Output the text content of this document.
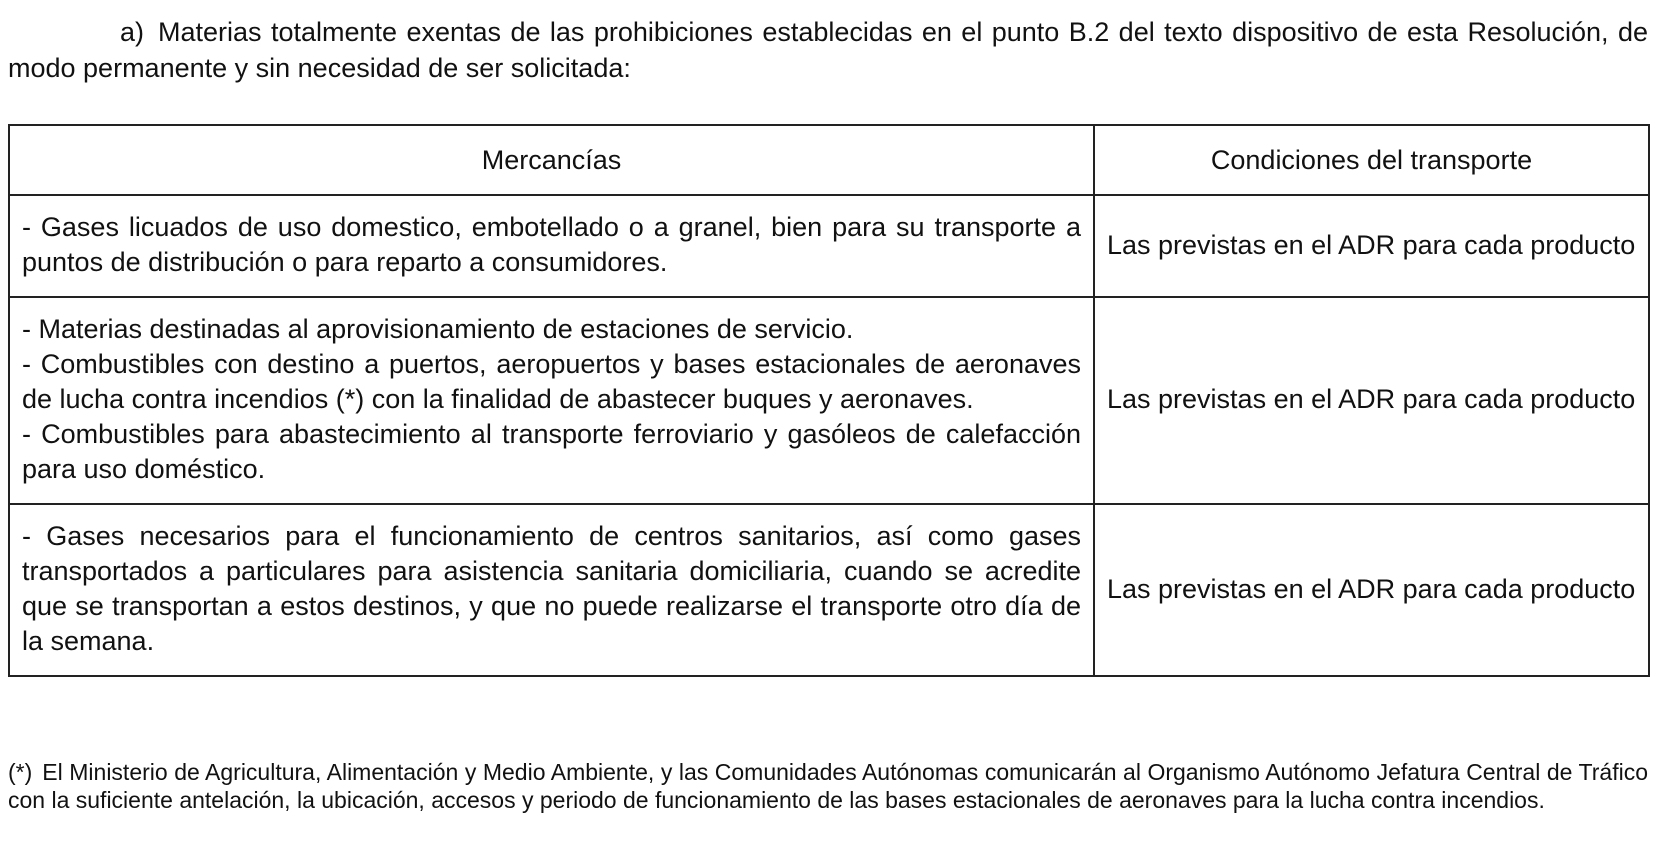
a) Materias totalmente exentas de las prohibiciones establecidas en el punto B.2 del texto dispositivo de esta Resolución, de modo permanente y sin necesidad de ser solicitada:

Mercancías	Condiciones del transporte

- Gases licuados de uso domestico, embotellado o a granel, bien para su transporte a puntos de distribución o para reparto a consumidores.	Las previstas en el ADR para cada producto

- Materias destinadas al aprovisionamiento de estaciones de servicio.
- Combustibles con destino a puertos, aeropuertos y bases estacionales de aeronaves de lucha contra incendios (*) con la finalidad de abastecer buques y aeronaves.
- Combustibles para abastecimiento al transporte ferroviario y gasóleos de calefacción para uso doméstico.	Las previstas en el ADR para cada producto

- Gases necesarios para el funcionamiento de centros sanitarios, así como gases transportados a particulares para asistencia sanitaria domiciliaria, cuando se acredite que se transportan a estos destinos, y que no puede realizarse el transporte otro día de la semana.	Las previstas en el ADR para cada producto

(*) El Ministerio de Agricultura, Alimentación y Medio Ambiente, y las Comunidades Autónomas comunicarán al Organismo Autónomo Jefatura Central de Tráfico con la suficiente antelación, la ubicación, accesos y periodo de funcionamiento de las bases estacionales de aeronaves para la lucha contra incendios.
